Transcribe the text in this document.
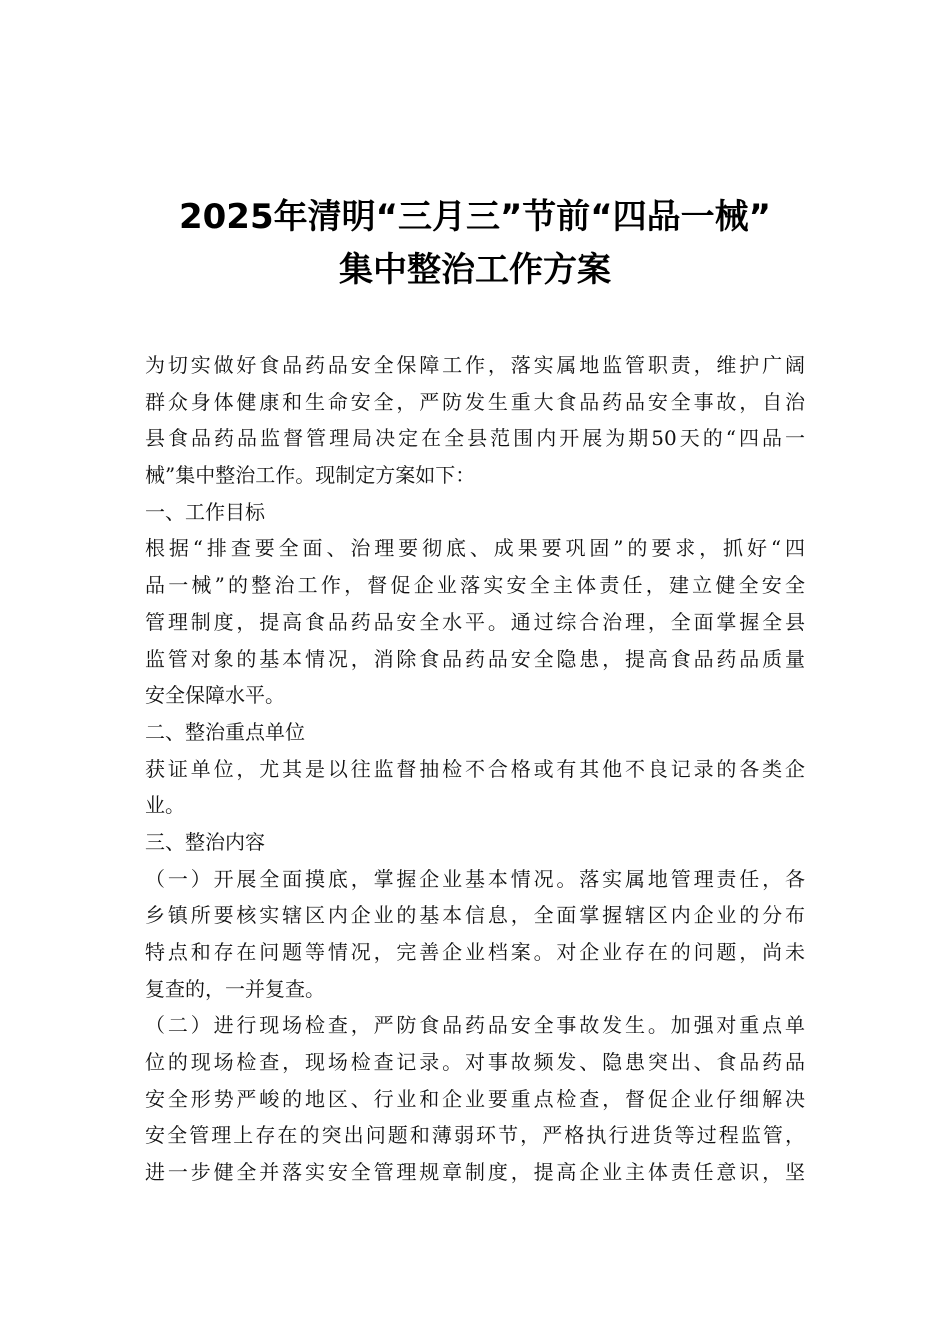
2025年清明“三月三”节前“四品一械”
集中整治工作方案
为切实做好食品药品安全保障工作，落实属地监管职责，维护广阔
群众身体健康和生命安全，严防发生重大食品药品安全事故，自治
县食品药品监督管理局决定在全县范围内开展为期50天的“四品一
械”集中整治工作。现制定方案如下：
一、工作目标
根据“排查要全面、治理要彻底、成果要巩固”的要求，抓好“四
品一械”的整治工作，督促企业落实安全主体责任，建立健全安全
管理制度，提高食品药品安全水平。通过综合治理，全面掌握全县
监管对象的基本情况，消除食品药品安全隐患，提高食品药品质量
安全保障水平。
二、整治重点单位
获证单位，尤其是以往监督抽检不合格或有其他不良记录的各类企
业。
三、整治内容
（一）开展全面摸底，掌握企业基本情况。落实属地管理责任，各
乡镇所要核实辖区内企业的基本信息，全面掌握辖区内企业的分布
特点和存在问题等情况，完善企业档案。对企业存在的问题，尚未
复查的，一并复查。
（二）进行现场检查，严防食品药品安全事故发生。加强对重点单
位的现场检查，现场检查记录。对事故频发、隐患突出、食品药品
安全形势严峻的地区、行业和企业要重点检查，督促企业仔细解决
安全管理上存在的突出问题和薄弱环节，严格执行进货等过程监管，
进一步健全并落实安全管理规章制度，提高企业主体责任意识，坚
